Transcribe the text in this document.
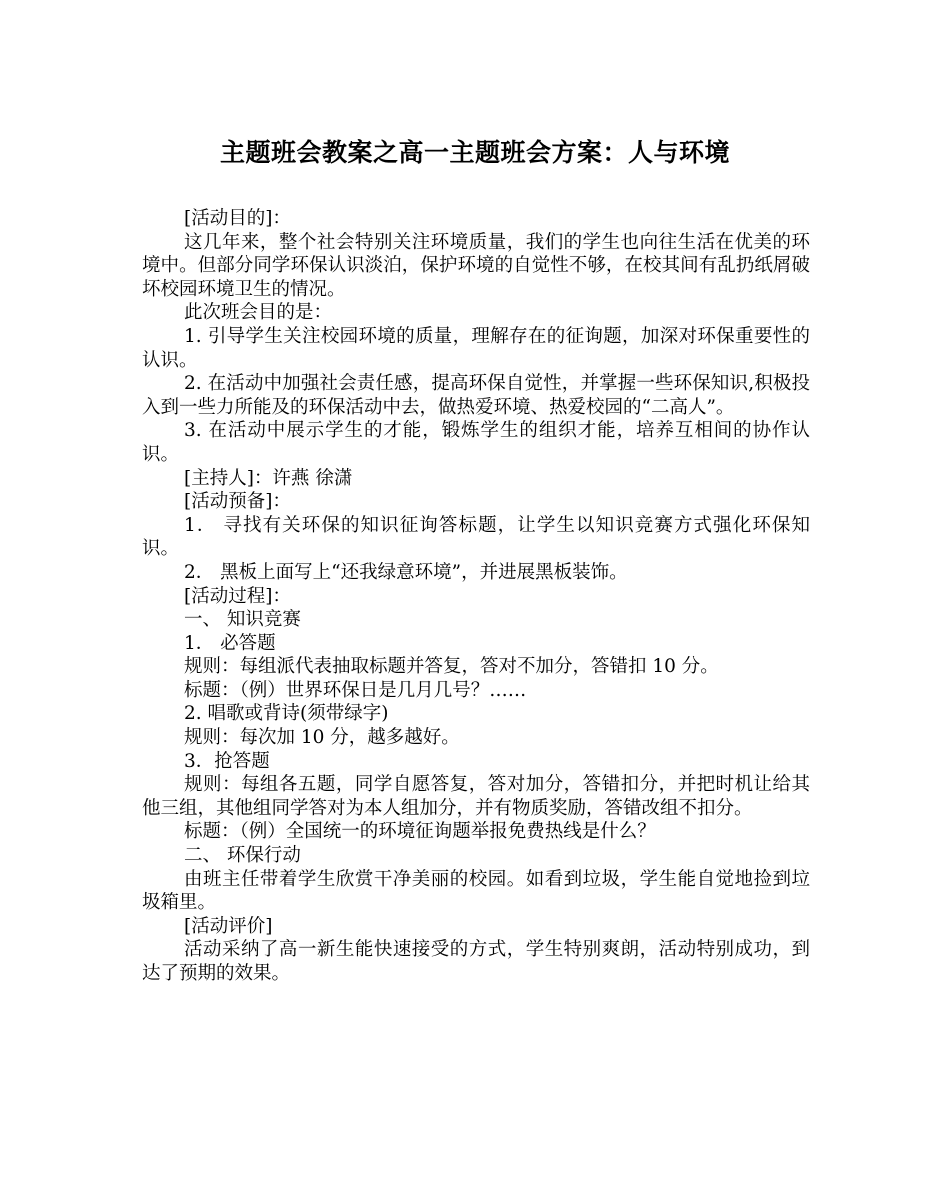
主题班会教案之高一主题班会方案：人与环境

[活动目的]：

这几年来，整个社会特别关注环境质量，我们的学生也向往生活在优美的环境中。但部分同学环保认识淡泊，保护环境的自觉性不够，在校其间有乱扔纸屑破坏校园环境卫生的情况。

此次班会目的是：

1. 引导学生关注校园环境的质量，理解存在的征询题，加深对环保重要性的认识。

2. 在活动中加强社会责任感，提高环保自觉性，并掌握一些环保知识,积极投入到一些力所能及的环保活动中去，做热爱环境、热爱校园的“二高人”。

3. 在活动中展示学生的才能，锻炼学生的组织才能，培养互相间的协作认识。

[主持人]：许燕 徐潇

[活动预备]：

1． 寻找有关环保的知识征询答标题，让学生以知识竞赛方式强化环保知识。

2． 黑板上面写上“还我绿意环境”，并进展黑板装饰。

[活动过程]：

一、 知识竞赛

1． 必答题

规则：每组派代表抽取标题并答复，答对不加分，答错扣 10 分。

标题：（例）世界环保日是几月几号？……

2. 唱歌或背诗(须带绿字)

规则：每次加 10 分，越多越好。

3．抢答题

规则：每组各五题，同学自愿答复，答对加分，答错扣分，并把时机让给其他三组，其他组同学答对为本人组加分，并有物质奖励，答错改组不扣分。

标题：（例）全国统一的环境征询题举报免费热线是什么？

二、 环保行动

由班主任带着学生欣赏干净美丽的校园。如看到垃圾，学生能自觉地捡到垃圾箱里。

[活动评价]

活动采纳了高一新生能快速接受的方式，学生特别爽朗，活动特别成功，到达了预期的效果。
